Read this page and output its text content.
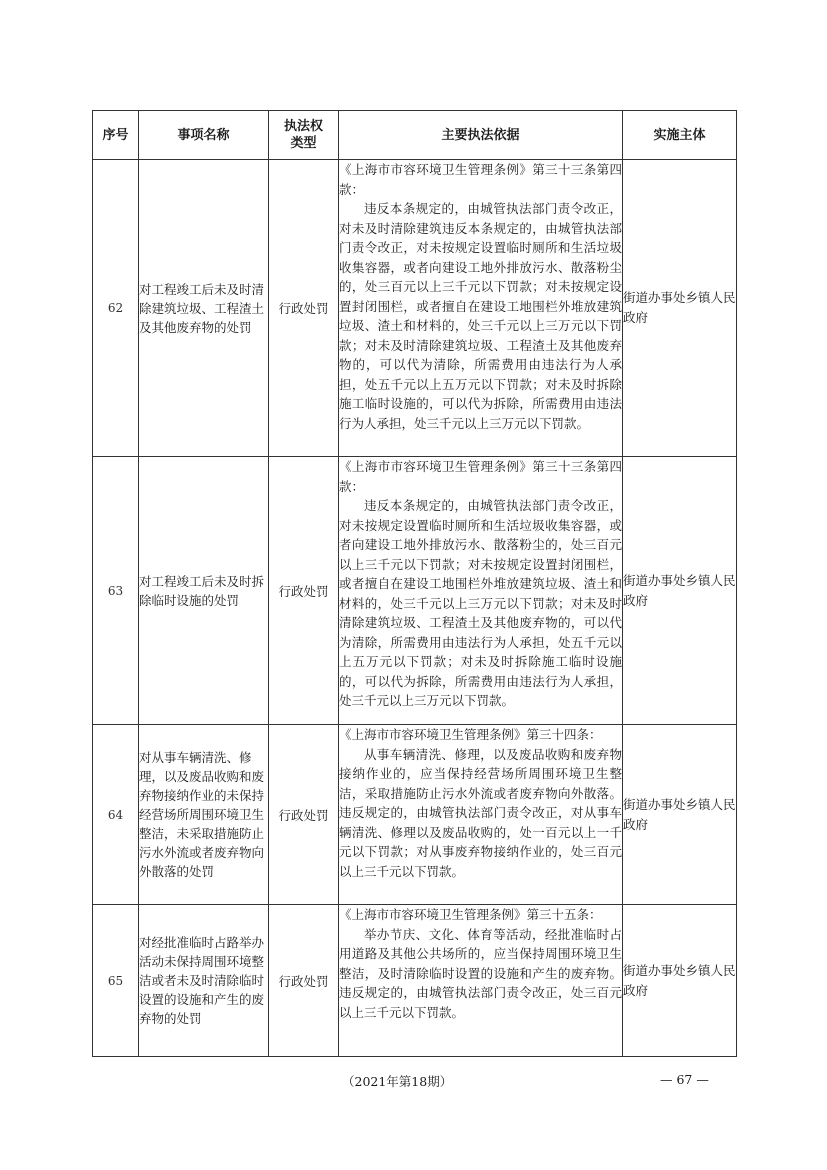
序号	事项名称	执法权类型	主要执法依据	实施主体
62	对工程竣工后未及时清除建筑垃圾、工程渣土及其他废弃物的处罚	行政处罚	《上海市市容环境卫生管理条例》第三十三条第四款：

违反本条规定的，由城管执法部门责令改正，对未及时清除建筑违反本条规定的，由城管执法部门责令改正，对未按规定设置临时厕所和生活垃圾收集容器，或者向建设工地外排放污水、散落粉尘的，处三百元以上三千元以下罚款；对未按规定设置封闭围栏，或者擅自在建设工地围栏外堆放建筑垃圾、渣土和材料的，处三千元以上三万元以下罚款；对未及时清除建筑垃圾、工程渣土及其他废弃物的，可以代为清除，所需费用由违法行为人承担，处五千元以上五万元以下罚款；对未及时拆除施工临时设施的，可以代为拆除，所需费用由违法行为人承担，处三千元以上三万元以下罚款。	街道办事处乡镇人民政府
63	对工程竣工后未及时拆除临时设施的处罚	行政处罚	《上海市市容环境卫生管理条例》第三十三条第四款：

违反本条规定的，由城管执法部门责令改正，对未按规定设置临时厕所和生活垃圾收集容器，或者向建设工地外排放污水、散落粉尘的，处三百元以上三千元以下罚款；对未按规定设置封闭围栏，或者擅自在建设工地围栏外堆放建筑垃圾、渣土和材料的，处三千元以上三万元以下罚款；对未及时清除建筑垃圾、工程渣土及其他废弃物的，可以代为清除，所需费用由违法行为人承担，处五千元以上五万元以下罚款；对未及时拆除施工临时设施的，可以代为拆除，所需费用由违法行为人承担，处三千元以上三万元以下罚款。	街道办事处乡镇人民政府
64	对从事车辆清洗、修理，以及废品收购和废弃物接纳作业的未保持经营场所周围环境卫生整洁，未采取措施防止污水外流或者废弃物向外散落的处罚	行政处罚	《上海市市容环境卫生管理条例》第三十四条：

从事车辆清洗、修理，以及废品收购和废弃物接纳作业的，应当保持经营场所周围环境卫生整洁，采取措施防止污水外流或者废弃物向外散落。违反规定的，由城管执法部门责令改正，对从事车辆清洗、修理以及废品收购的，处一百元以上一千元以下罚款；对从事废弃物接纳作业的，处三百元以上三千元以下罚款。	街道办事处乡镇人民政府
65	对经批准临时占路举办活动未保持周围环境整洁或者未及时清除临时设置的设施和产生的废弃物的处罚	行政处罚	《上海市市容环境卫生管理条例》第三十五条：

举办节庆、文化、体育等活动，经批准临时占用道路及其他公共场所的，应当保持周围环境卫生整洁，及时清除临时设置的设施和产生的废弃物。违反规定的，由城管执法部门责令改正，处三百元以上三千元以下罚款。	街道办事处乡镇人民政府
（2021年第18期）	— 67 —
